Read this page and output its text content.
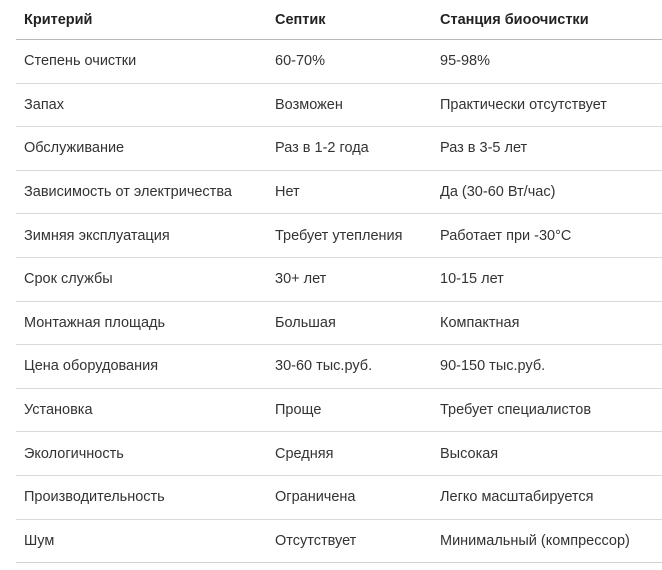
Критерий	Септик	Станция биоочистки
Степень очистки	60-70%	95-98%
Запах	Возможен	Практически отсутствует
Обслуживание	Раз в 1-2 года	Раз в 3-5 лет
Зависимость от электричества	Нет	Да (30-60 Вт/час)
Зимняя эксплуатация	Требует утепления	Работает при -30°C
Срок службы	30+ лет	10-15 лет
Монтажная площадь	Большая	Компактная
Цена оборудования	30-60 тыс.руб.	90-150 тыс.руб.
Установка	Проще	Требует специалистов
Экологичность	Средняя	Высокая
Производительность	Ограничена	Легко масштабируется
Шум	Отсутствует	Минимальный (компрессор)
